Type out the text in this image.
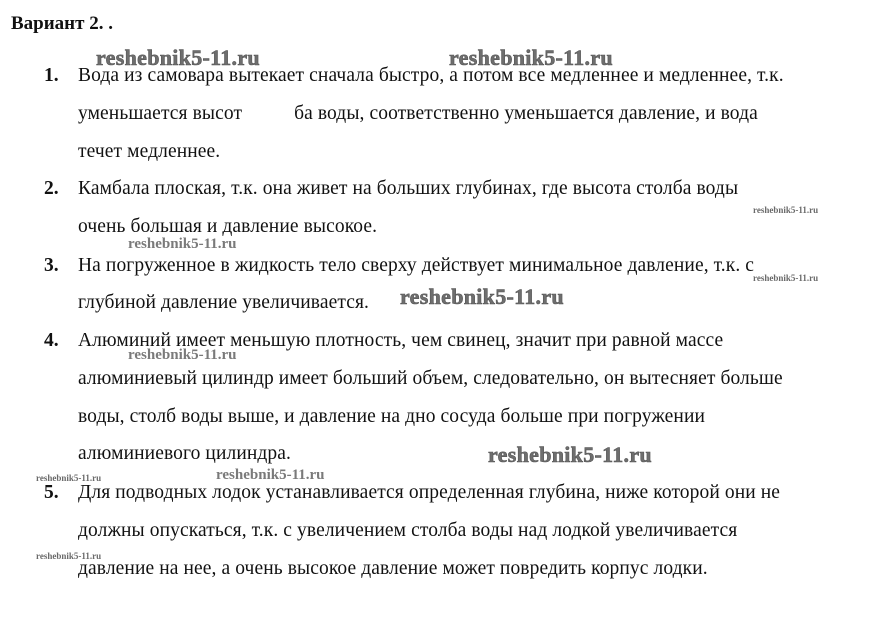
Вариант 2. .
reshebnik5-11.ru	reshebnik5-11.ru
reshebnik5-11.ru
reshebnik5-11.ru
reshebnik5-11.ru
reshebnik5-11.ru
reshebnik5-11.ru
reshebnik5-11.ru
reshebnik5-11.ru	reshebnik5-11.ru
reshebnik5-11.ru
1. Вода из самовара вытекает сначала быстро, а потом все медленнее и медленнее, т.к.
уменьшается высот	ба воды, соответственно уменьшается давление, и вода
течет медленнее.
2. Камбала плоская, т.к. она живет на больших глубинах, где высота столба воды
очень большая и давление высокое.
3. На погруженное в жидкость тело сверху действует минимальное давление, т.к. с
глубиной давление увеличивается.
4. Алюминий имеет меньшую плотность, чем свинец, значит при равной массе
алюминиевый цилиндр имеет больший объем, следовательно, он вытесняет больше
воды, столб воды выше, и давление на дно сосуда больше при погружении
алюминиевого цилиндра.
5. Для подводных лодок устанавливается определенная глубина, ниже которой они не
должны опускаться, т.к. с увеличением столба воды над лодкой увеличивается
давление на нее, а очень высокое давление может повредить корпус лодки.
